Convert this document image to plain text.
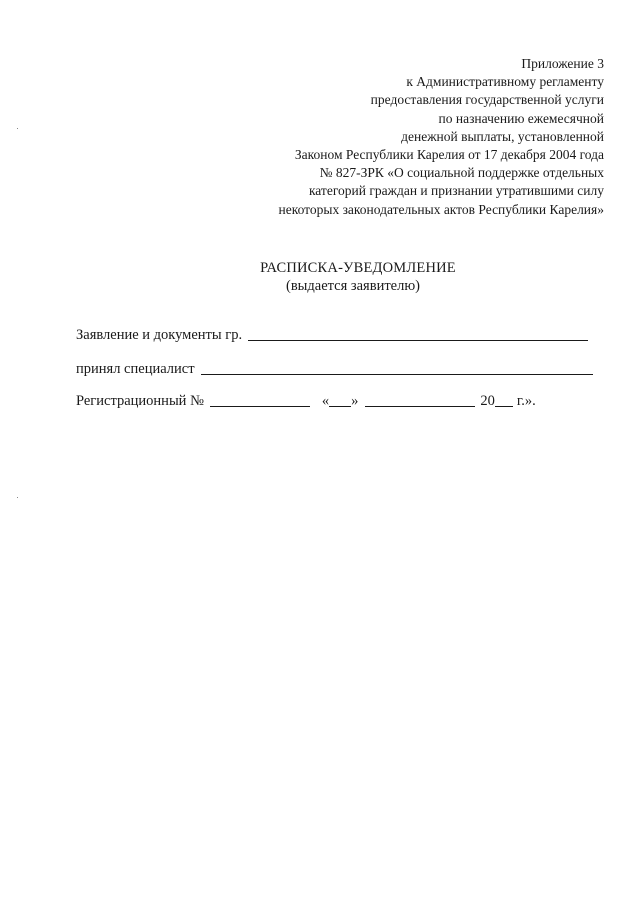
Приложение 3
к Административному регламенту
предоставления государственной услуги
по назначению ежемесячной
денежной выплаты, установленной
Законом Республики Карелия от 17 декабря 2004 года
№ 827-ЗРК «О социальной поддержке отдельных
категорий граждан и признании утратившими силу
некоторых законодательных актов Республики Карелия»
РАСПИСКА-УВЕДОМЛЕНИЕ
(выдается заявителю)
Заявление и документы гр.
принял специалист
Регистрационный №	« »	20 г.».
